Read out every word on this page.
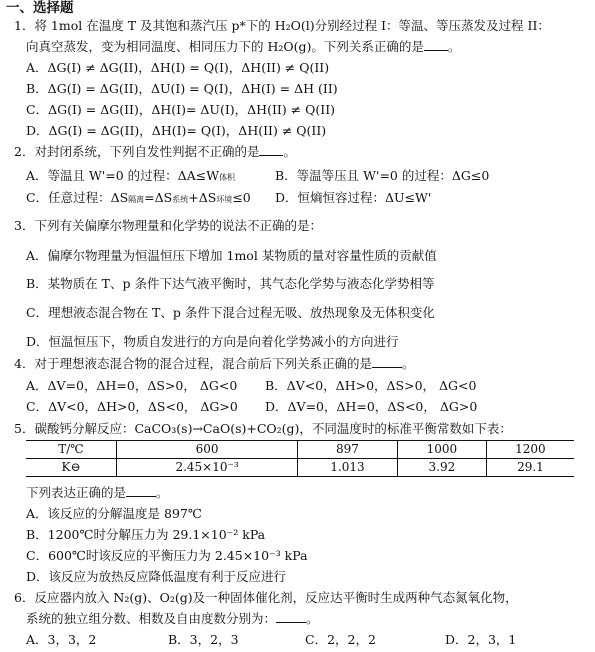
一、选择题
1．将 1mol 在温度 T 及其饱和蒸汽压 p*下的 H₂O(l)分别经过程 I：等温、等压蒸发及过程 II：
向真空蒸发，变为相同温度、相同压力下的 H₂O(g)。下列关系正确的是 。
A．ΔG(I) ≠ ΔG(II)，ΔH(I) = Q(I)，ΔH(II) ≠ Q(II)
B．ΔG(I) = ΔG(II)，ΔU(I) = Q(I)，ΔH(I) = ΔH (II)
C．ΔG(I) = ΔG(II)，ΔH(I)= ΔU(I)，ΔH(II) ≠ Q(II)
D．ΔG(I) = ΔG(II)，ΔH(I)= Q(I)，ΔH(II) ≠ Q(II)
2．对封闭系统，下列自发性判据不正确的是 。
A．等温且 W'=0 的过程：ΔA≤W体积	B．等温等压且 W'=0 的过程：ΔG≤0
C．任意过程：ΔS隔离=ΔS系统+ΔS环境≤0 D．恒熵恒容过程：ΔU≤W'
3．下列有关偏摩尔物理量和化学势的说法不正确的是：
A．偏摩尔物理量为恒温恒压下增加 1mol 某物质的量对容量性质的贡献值
B．某物质在 T、p 条件下达气液平衡时，其气态化学势与液态化学势相等
C．理想液态混合物在 T、p 条件下混合过程无吸、放热现象及无体积变化
D．恒温恒压下，物质自发进行的方向是向着化学势减小的方向进行
4．对于理想液态混合物的混合过程，混合前后下列关系正确的是 。
A．ΔV=0，ΔH=0，ΔS>0， ΔG<0 B．ΔV<0，ΔH>0，ΔS>0， ΔG<0
C．ΔV<0，ΔH>0，ΔS<0， ΔG>0 D．ΔV=0，ΔH=0，ΔS<0， ΔG>0
5．碳酸钙分解反应：CaCO₃(s)→CaO(s)+CO₂(g)，不同温度时的标准平衡常数如下表：
T/℃	600	897	1000	1200
K⊖	2.45×10⁻³	1.013	3.92	29.1
下列表达正确的是 。
A．该反应的分解温度是 897℃
B．1200℃时分解压力为 29.1×10⁻² kPa
C．600℃时该反应的平衡压力为 2.45×10⁻³ kPa
D．该反应为放热反应降低温度有利于反应进行
6．反应器内放入 N₂(g)、O₂(g)及一种固体催化剂，反应达平衡时生成两种气态氮氧化物，
系统的独立组分数、相数及自由度数分别为： 。
A．3，3，2	B．3，2，3	C．2，2，2	D．2，3，1
